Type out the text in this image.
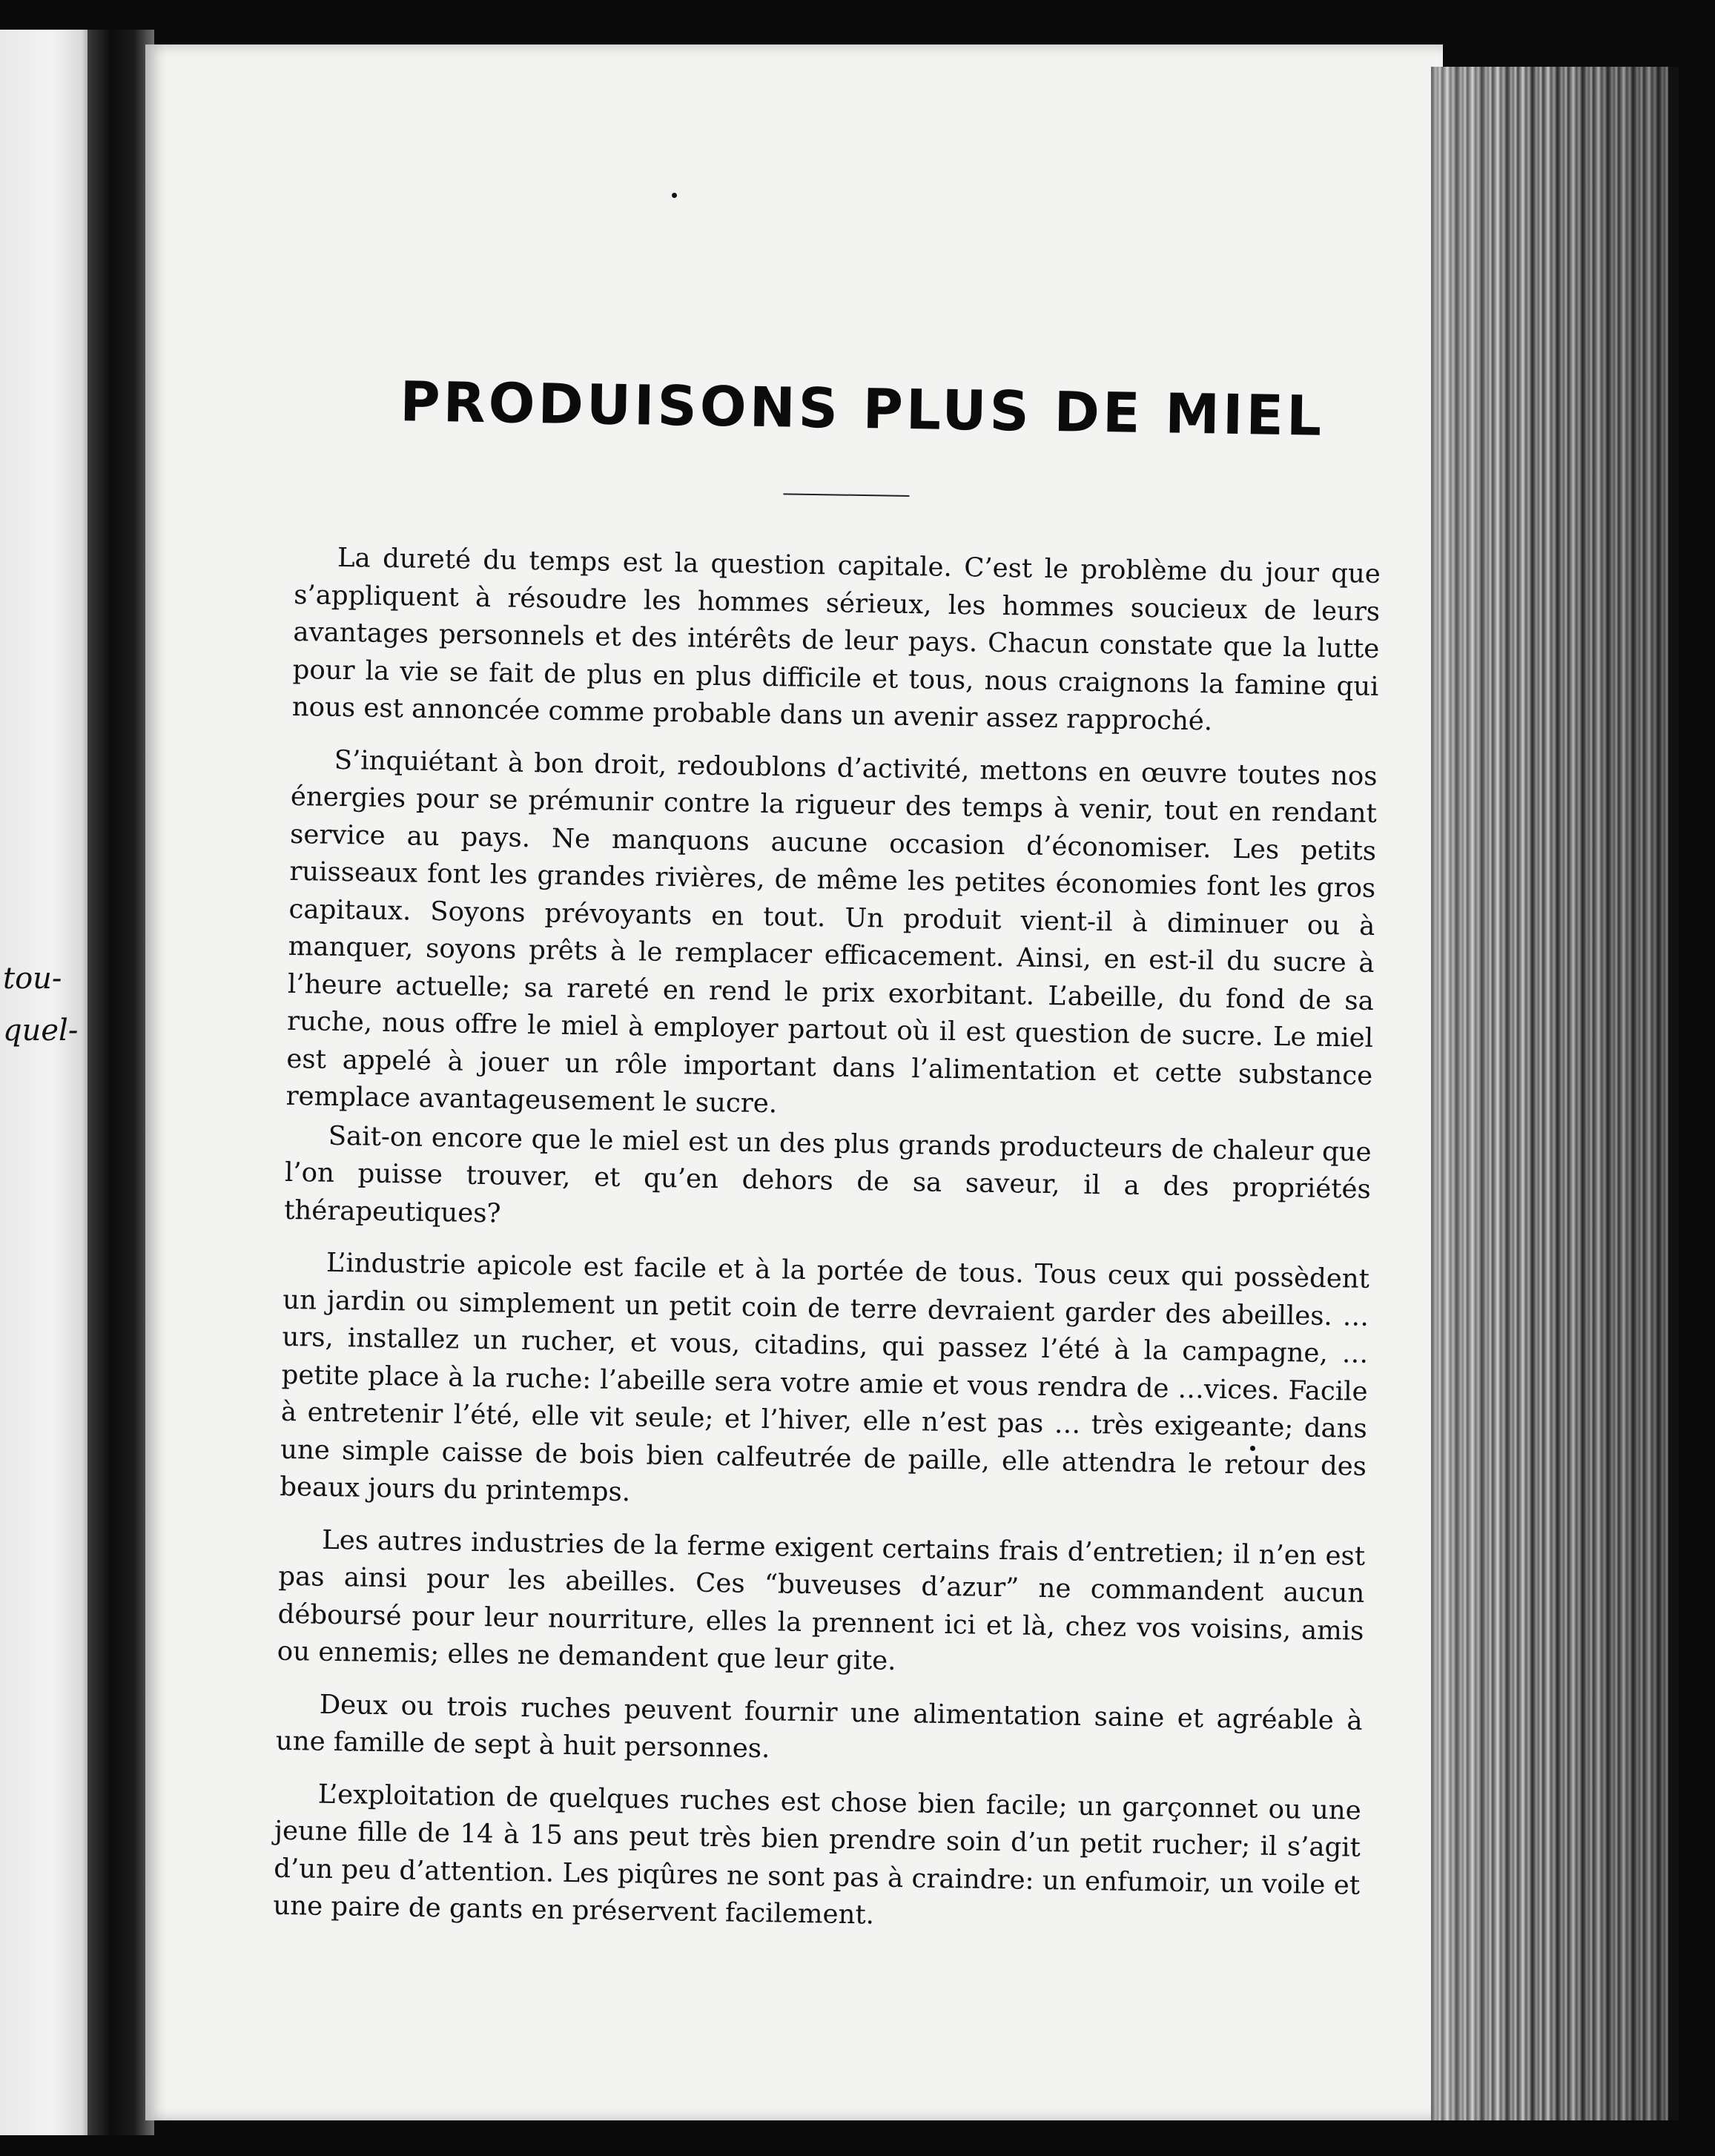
tou-
quel-
PRODUISONS PLUS DE MIEL

La dureté du temps est la question capitale. C’est le problème du jour que s’appliquent à résoudre les hommes sérieux, les hommes soucieux de leurs avantages personnels et des intérêts de leur pays. Chacun constate que la lutte pour la vie se fait de plus en plus difficile et tous, nous craignons la famine qui nous est annoncée comme probable dans un avenir assez rapproché.

S’inquiétant à bon droit, redoublons d’activité, mettons en œuvre toutes nos énergies pour se prémunir contre la rigueur des temps à venir, tout en rendant service au pays. Ne manquons aucune occasion d’économiser. Les petits ruisseaux font les grandes rivières, de même les petites économies font les gros capitaux. Soyons prévoyants en tout. Un produit vient-il à diminuer ou à manquer, soyons prêts à le remplacer efficacement. Ainsi, en est-il du sucre à l’heure actuelle; sa rareté en rend le prix exorbitant. L’abeille, du fond de sa ruche, nous offre le miel à employer partout où il est question de sucre. Le miel est appelé à jouer un rôle important dans l’alimentation et cette substance remplace avantageusement le sucre.

Sait-on encore que le miel est un des plus grands producteurs de chaleur que l’on puisse trouver, et qu’en dehors de sa saveur, il a des propriétés thérapeutiques?

L’industrie apicole est facile et à la portée de tous. Tous ceux qui possèdent un jardin ou simplement un petit coin de terre devraient garder des abeilles. … urs, installez un rucher, et vous, citadins, qui passez l’été à la campagne, … petite place à la ruche: l’abeille sera votre amie et vous rendra de …vices. Facile à entretenir l’été, elle vit seule; et l’hiver, elle n’est pas … très exigeante; dans une simple caisse de bois bien calfeutrée de paille, elle attendra le retour des beaux jours du printemps.

Les autres industries de la ferme exigent certains frais d’entretien; il n’en est pas ainsi pour les abeilles. Ces “buveuses d’azur” ne commandent aucun déboursé pour leur nourriture, elles la prennent ici et là, chez vos voisins, amis ou ennemis; elles ne demandent que leur gite.

Deux ou trois ruches peuvent fournir une alimentation saine et agréable à une famille de sept à huit personnes.

L’exploitation de quelques ruches est chose bien facile; un garçonnet ou une jeune fille de 14 à 15 ans peut très bien prendre soin d’un petit rucher; il s’agit d’un peu d’attention. Les piqûres ne sont pas à craindre: un enfumoir, un voile et une paire de gants en préservent facilement.
